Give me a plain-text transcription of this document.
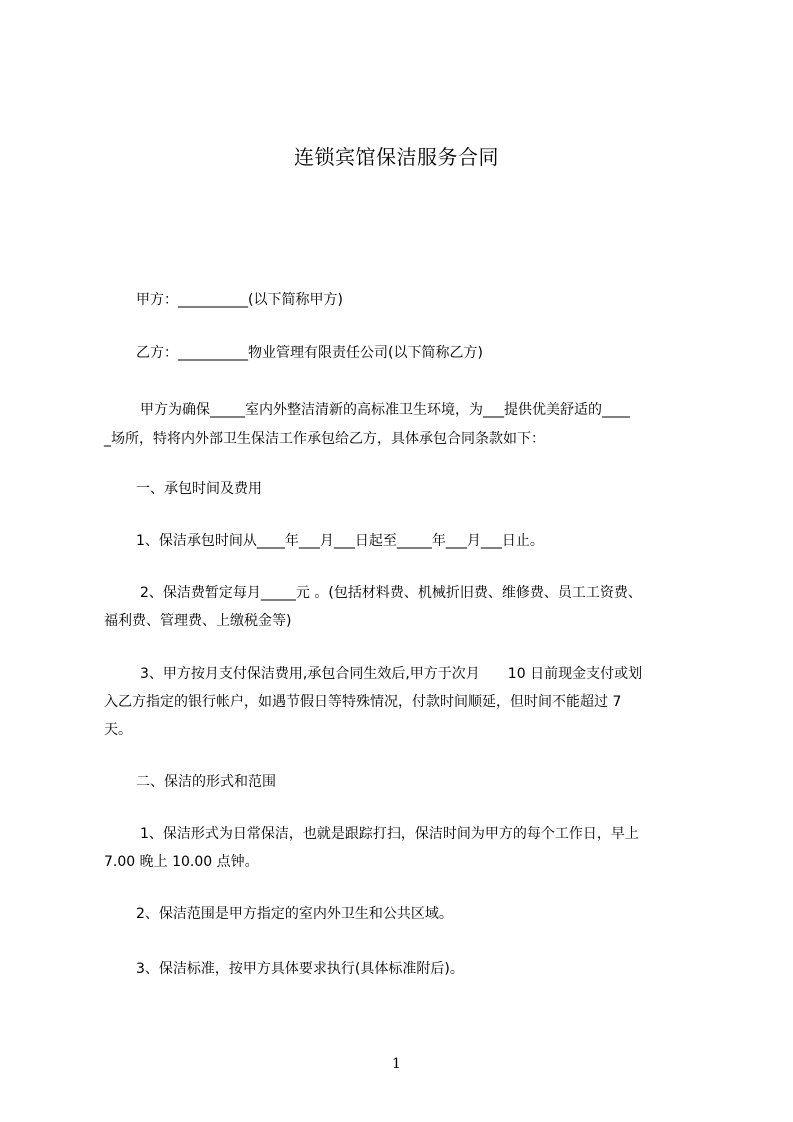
连锁宾馆保洁服务合同

甲方：__________(以下简称甲方)

乙方：__________物业管理有限责任公司(以下简称乙方)

甲方为确保_____室内外整洁清新的高标准卫生环境，为___提供优美舒适的____

_场所，特将内外部卫生保洁工作承包给乙方，具体承包合同条款如下：

一、承包时间及费用

1、保洁承包时间从____年___月___日起至_____年___月___日止。

2、保洁费暂定每月_____元 。(包括材料费、机械折旧费、维修费、员工工资费、

福利费、管理费、上缴税金等)

3、甲方按月支付保洁费用,承包合同生效后,甲方于次月　　10 日前现金支付或划

入乙方指定的银行帐户，如遇节假日等特殊情况，付款时间顺延，但时间不能超过 7

天。

二、保洁的形式和范围

1、保洁形式为日常保洁，也就是跟踪打扫，保洁时间为甲方的每个工作日，早上

7.00 晚上 10.00 点钟。

2、保洁范围是甲方指定的室内外卫生和公共区域。

3、保洁标准，按甲方具体要求执行(具体标准附后)。

1
